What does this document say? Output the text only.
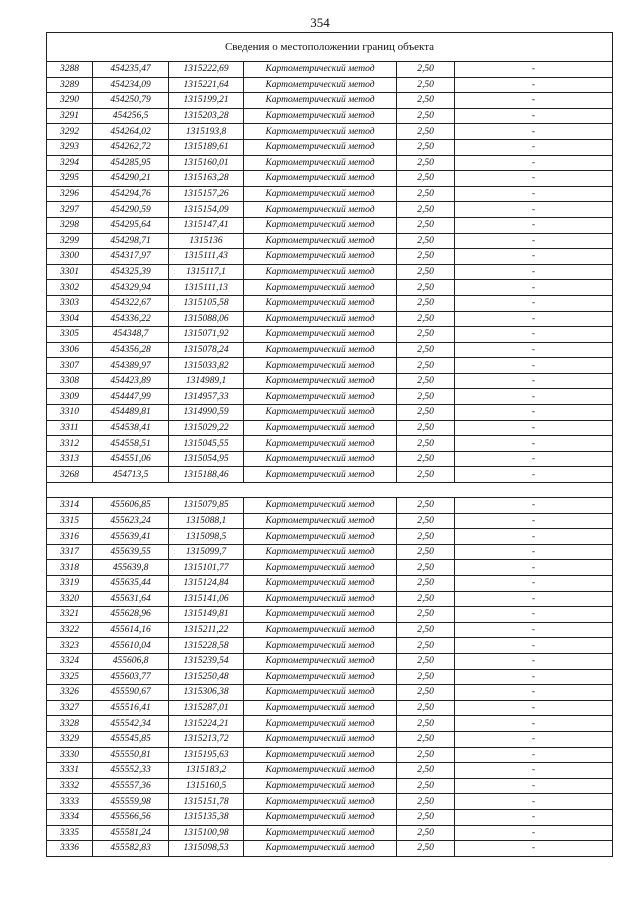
354
Сведения о местоположении границ объекта					
3288	454235,47	1315222,69	Картометрический метод	2,50	-
3289	454234,09	1315221,64	Картометрический метод	2,50	-
3290	454250,79	1315199,21	Картометрический метод	2,50	-
3291	454256,5	1315203,28	Картометрический метод	2,50	-
3292	454264,02	1315193,8	Картометрический метод	2,50	-
3293	454262,72	1315189,61	Картометрический метод	2,50	-
3294	454285,95	1315160,01	Картометрический метод	2,50	-
3295	454290,21	1315163,28	Картометрический метод	2,50	-
3296	454294,76	1315157,26	Картометрический метод	2,50	-
3297	454290,59	1315154,09	Картометрический метод	2,50	-
3298	454295,64	1315147,41	Картометрический метод	2,50	-
3299	454298,71	1315136	Картометрический метод	2,50	-
3300	454317,97	1315111,43	Картометрический метод	2,50	-
3301	454325,39	1315117,1	Картометрический метод	2,50	-
3302	454329,94	1315111,13	Картометрический метод	2,50	-
3303	454322,67	1315105,58	Картометрический метод	2,50	-
3304	454336,22	1315088,06	Картометрический метод	2,50	-
3305	454348,7	1315071,92	Картометрический метод	2,50	-
3306	454356,28	1315078,24	Картометрический метод	2,50	-
3307	454389,97	1315033,82	Картометрический метод	2,50	-
3308	454423,89	1314989,1	Картометрический метод	2,50	-
3309	454447,99	1314957,33	Картометрический метод	2,50	-
3310	454489,81	1314990,59	Картометрический метод	2,50	-
3311	454538,41	1315029,22	Картометрический метод	2,50	-
3312	454558,51	1315045,55	Картометрический метод	2,50	-
3313	454551,06	1315054,95	Картометрический метод	2,50	-
3268	454713,5	1315188,46	Картометрический метод	2,50	-

3314	455606,85	1315079,85	Картометрический метод	2,50	-
3315	455623,24	1315088,1	Картометрический метод	2,50	-
3316	455639,41	1315098,5	Картометрический метод	2,50	-
3317	455639,55	1315099,7	Картометрический метод	2,50	-
3318	455639,8	1315101,77	Картометрический метод	2,50	-
3319	455635,44	1315124,84	Картометрический метод	2,50	-
3320	455631,64	1315141,06	Картометрический метод	2,50	-
3321	455628,96	1315149,81	Картометрический метод	2,50	-
3322	455614,16	1315211,22	Картометрический метод	2,50	-
3323	455610,04	1315228,58	Картометрический метод	2,50	-
3324	455606,8	1315239,54	Картометрический метод	2,50	-
3325	455603,77	1315250,48	Картометрический метод	2,50	-
3326	455590,67	1315306,38	Картометрический метод	2,50	-
3327	455516,41	1315287,01	Картометрический метод	2,50	-
3328	455542,34	1315224,21	Картометрический метод	2,50	-
3329	455545,85	1315213,72	Картометрический метод	2,50	-
3330	455550,81	1315195,63	Картометрический метод	2,50	-
3331	455552,33	1315183,2	Картометрический метод	2,50	-
3332	455557,36	1315160,5	Картометрический метод	2,50	-
3333	455559,98	1315151,78	Картометрический метод	2,50	-
3334	455566,56	1315135,38	Картометрический метод	2,50	-
3335	455581,24	1315100,98	Картометрический метод	2,50	-
3336	455582,83	1315098,53	Картометрический метод	2,50	-
